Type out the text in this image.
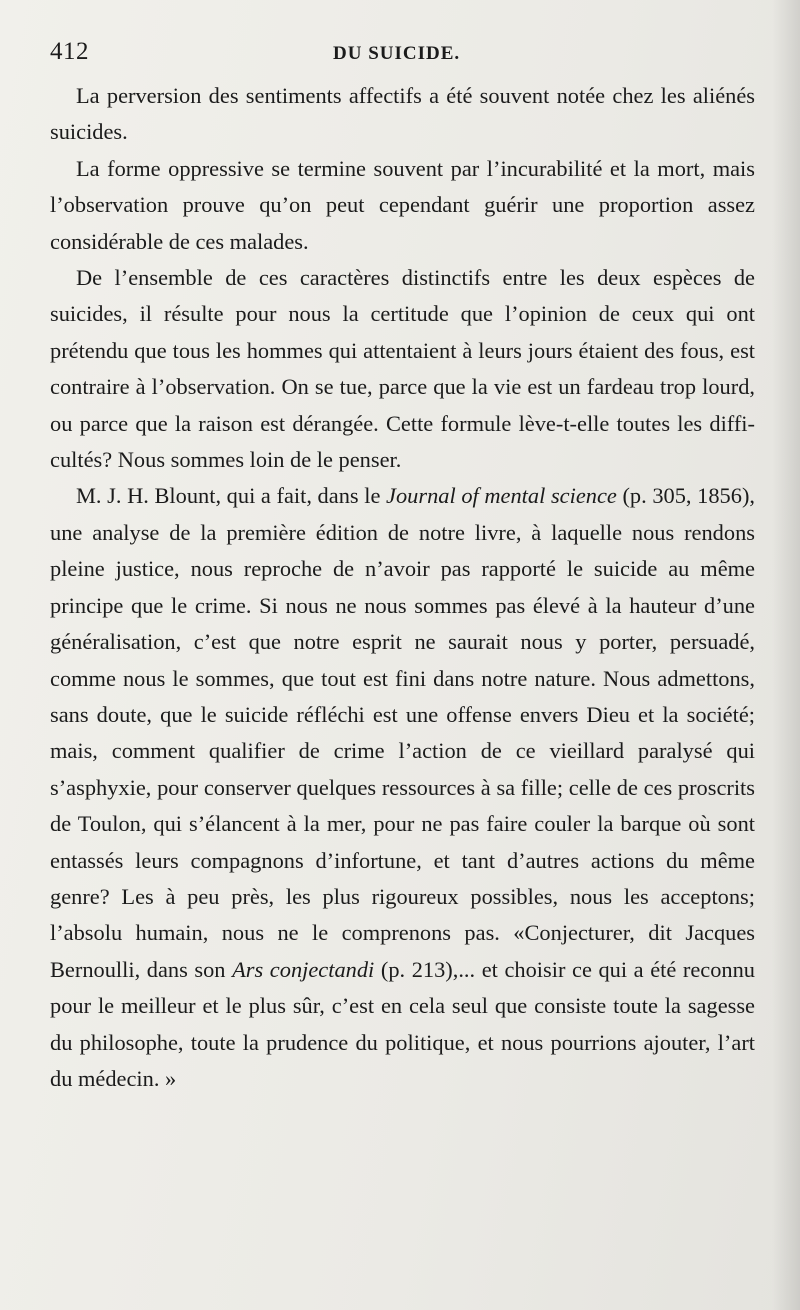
412	DU SUICIDE.

La perversion des sentiments affectifs a été souvent notée chez les aliénés suicides.

La forme oppressive se termine souvent par l’incurabilité et la mort, mais l’observation prouve qu’on peut cependant guérir une proportion assez considérable de ces malades.

De l’ensemble de ces caractères distinctifs entre les deux espèces de suicides, il résulte pour nous la certitude que l’opinion de ceux qui ont prétendu que tous les hommes qui attentaient à leurs jours étaient des fous, est contraire à l’observation. On se tue, parce que la vie est un fardeau trop lourd, ou parce que la raison est dérangée. Cette formule lève-t-elle toutes les difficultés? Nous sommes loin de le penser.

M. J. H. Blount, qui a fait, dans le Journal of mental science (p. 305, 1856), une analyse de la première édition de notre livre, à laquelle nous rendons pleine justice, nous reproche de n’avoir pas rapporté le suicide au même principe que le crime. Si nous ne nous sommes pas élevé à la hauteur d’une généralisation, c’est que notre esprit ne saurait nous y porter, persuadé, comme nous le sommes, que tout est fini dans notre nature. Nous admettons, sans doute, que le suicide réfléchi est une offense envers Dieu et la société; mais, comment qualifier de crime l’action de ce vieillard paralysé qui s’asphyxie, pour conserver quelques ressources à sa fille; celle de ces proscrits de Toulon, qui s’élancent à la mer, pour ne pas faire couler la barque où sont entassés leurs compagnons d’infortune, et tant d’autres actions du même genre? Les à peu près, les plus rigoureux possibles, nous les acceptons; l’absolu humain, nous ne le comprenons pas. «Conjecturer, dit Jacques Bernoulli, dans son Ars conjectandi (p. 213),... et choisir ce qui a été reconnu pour le meilleur et le plus sûr, c’est en cela seul que consiste toute la sagesse du philosophe, toute la prudence du politique, et nous pourrions ajouter, l’art du médecin. »
